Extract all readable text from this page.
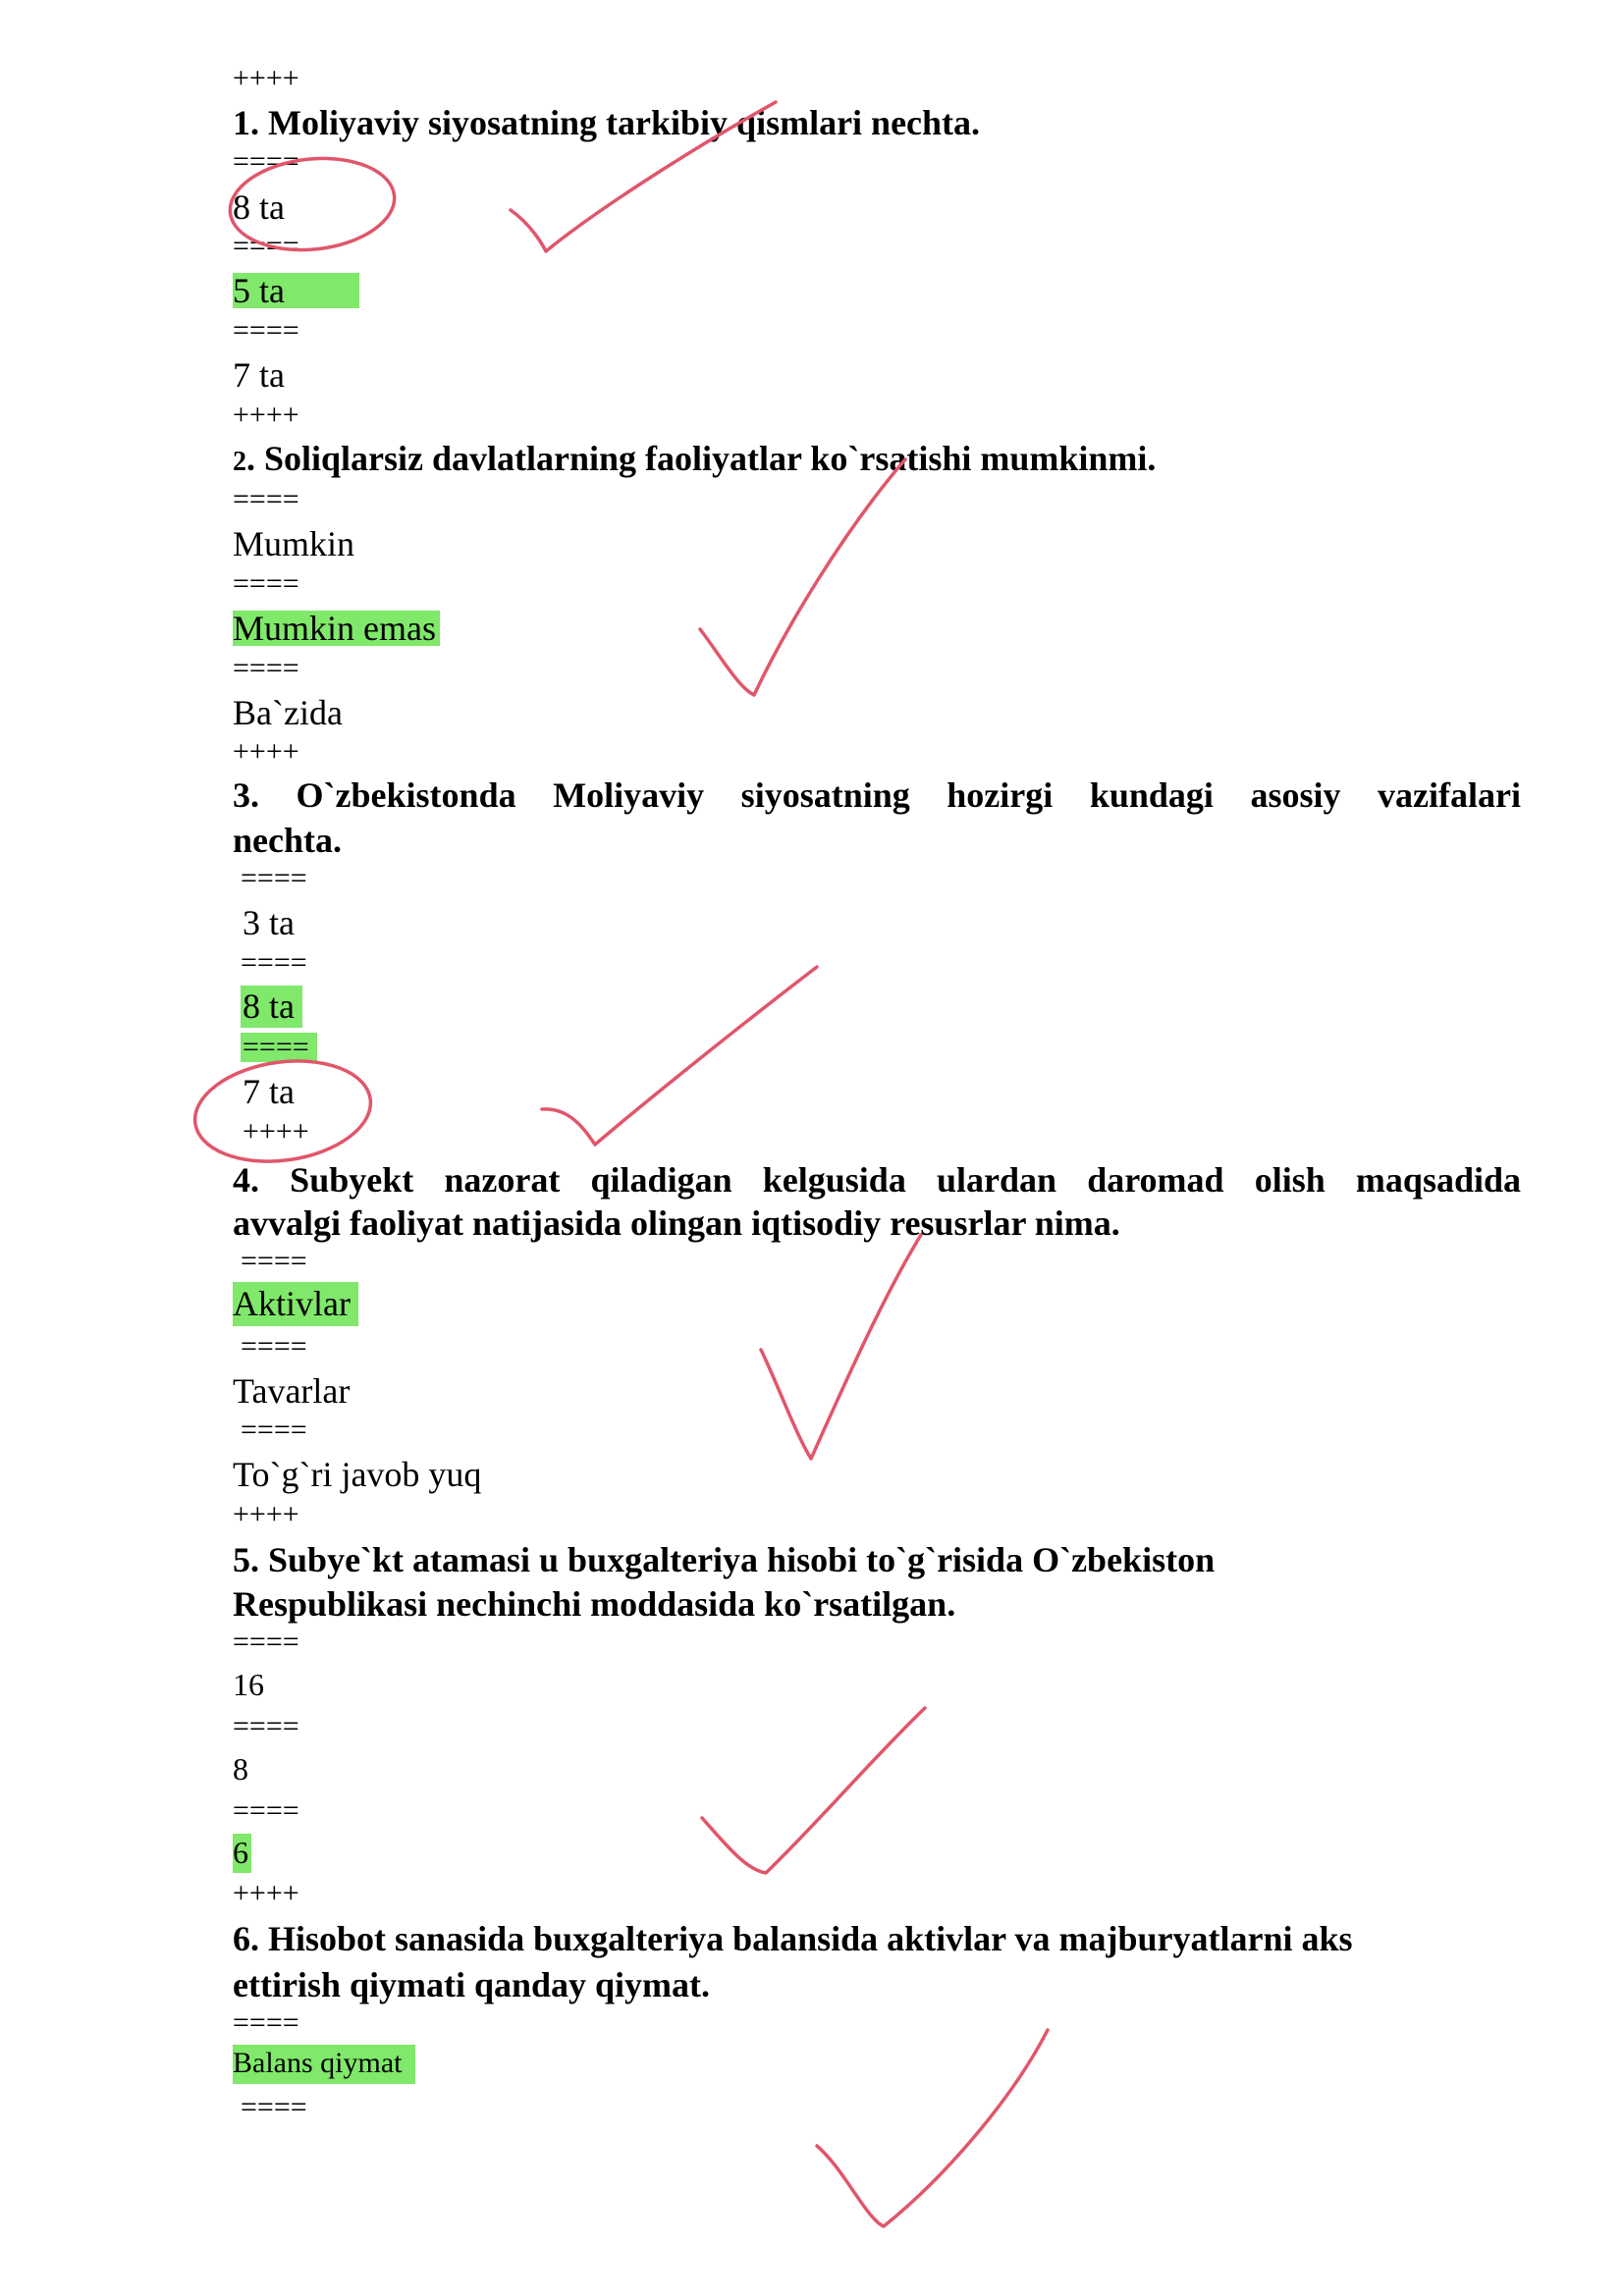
++++
1. Moliyaviy siyosatning tarkibiy qismlari nechta.
====
8 ta
====
5 ta
====
7 ta
++++
2. Soliqlarsiz davlatlarning faoliyatlar ko`rsatishi mumkinmi.
====
Mumkin
====
Mumkin emas
====
Ba`zida
++++
3. O`zbekistonda Moliyaviy siyosatning hozirgi kundagi asosiy vazifalari
nechta.
====
3 ta
====
8 ta
====
7 ta
++++
4. Subyekt nazorat qiladigan kelgusida ulardan daromad olish maqsadida
avvalgi faoliyat natijasida olingan iqtisodiy resusrlar nima.
====
Aktivlar
====
Tavarlar
====
To`g`ri javob yuq
++++
5. Subye`kt atamasi u buxgalteriya hisobi to`g`risida O`zbekiston
Respublikasi nechinchi moddasida ko`rsatilgan.
====
16
====
8
====
6
++++
6. Hisobot sanasida buxgalteriya balansida aktivlar va majburyatlarni aks
ettirish qiymati qanday qiymat.
====
Balans qiymat
====
